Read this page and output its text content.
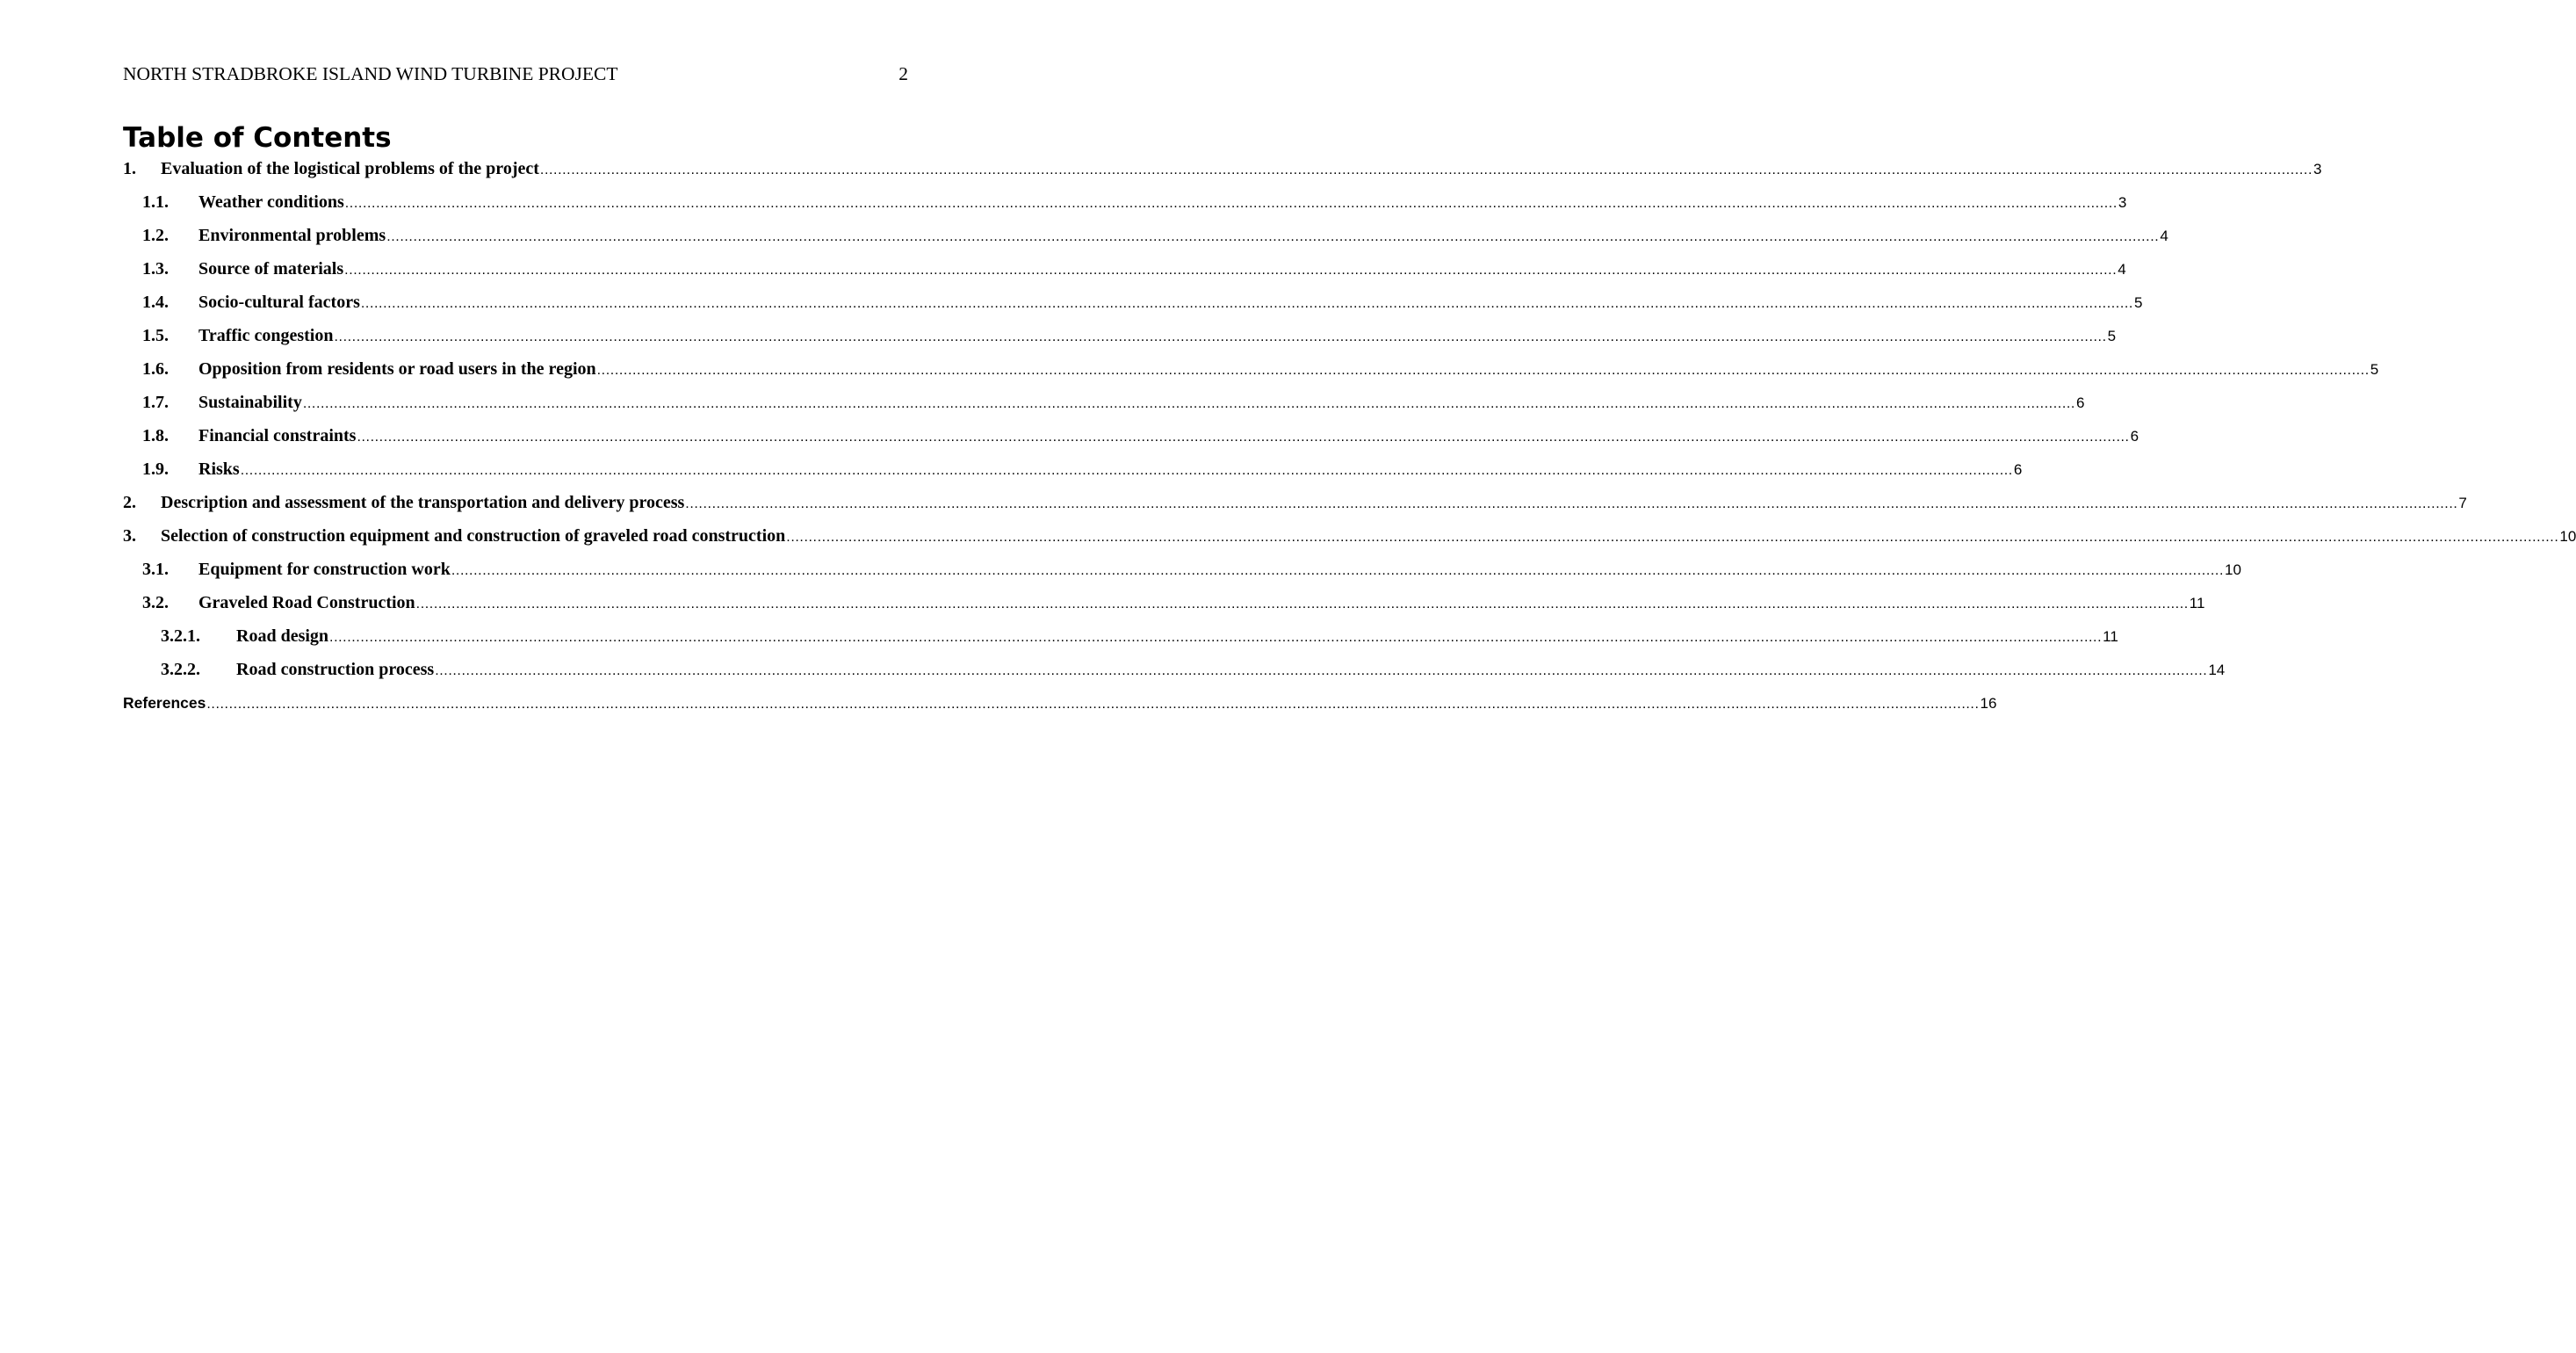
NORTH STRADBROKE ISLAND WIND TURBINE PROJECT	2
Table of Contents
1.	Evaluation of the logistical problems of the project ................................................................................................................................................................................................................................................................................................................................................................................................................ 3
1.1.	Weather conditions ................................................................................................................................................................................................................................................................................................................................................................................................................ 3
1.2.	Environmental problems ................................................................................................................................................................................................................................................................................................................................................................................................................ 4
1.3.	Source of materials ................................................................................................................................................................................................................................................................................................................................................................................................................ 4
1.4.	Socio-cultural factors ................................................................................................................................................................................................................................................................................................................................................................................................................ 5
1.5.	Traffic congestion ................................................................................................................................................................................................................................................................................................................................................................................................................ 5
1.6.	Opposition from residents or road users in the region ................................................................................................................................................................................................................................................................................................................................................................................................................ 5
1.7.	Sustainability ................................................................................................................................................................................................................................................................................................................................................................................................................ 6
1.8.	Financial constraints ................................................................................................................................................................................................................................................................................................................................................................................................................ 6
1.9.	Risks ................................................................................................................................................................................................................................................................................................................................................................................................................ 6
2.	Description and assessment of the transportation and delivery process ................................................................................................................................................................................................................................................................................................................................................................................................................ 7
3.	Selection of construction equipment and construction of graveled road construction ................................................................................................................................................................................................................................................................................................................................................................................................................ 10
3.1.	Equipment for construction work ................................................................................................................................................................................................................................................................................................................................................................................................................ 10
3.2.	Graveled Road Construction ................................................................................................................................................................................................................................................................................................................................................................................................................ 11
3.2.1.	Road design ................................................................................................................................................................................................................................................................................................................................................................................................................ 11
3.2.2.	Road construction process ................................................................................................................................................................................................................................................................................................................................................................................................................ 14
References ................................................................................................................................................................................................................................................................................................................................................................................................................ 16
